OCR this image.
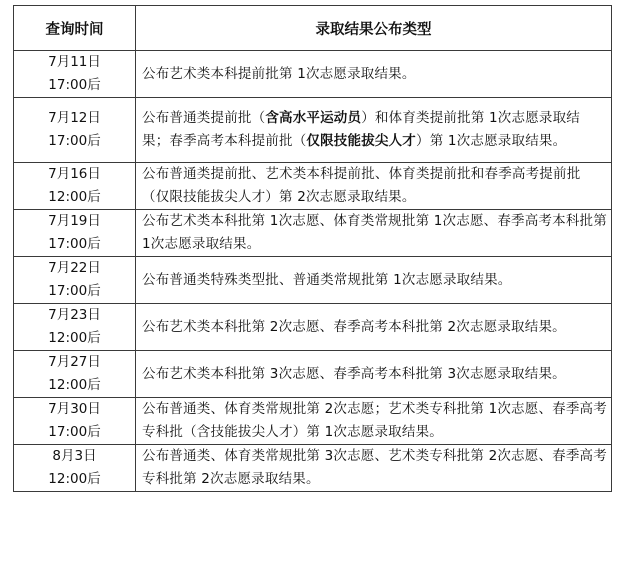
查询时间	录取结果公布类型

7月11日
17:00后	公布艺术类本科提前批第 1次志愿录取结果。

7月12日
17:00后	公布普通类提前批（含高水平运动员）和体育类提前批第 1次志愿录取结果；春季高考本科提前批（仅限技能拔尖人才）第 1次志愿录取结果。

7月16日
12:00后	公布普通类提前批、艺术类本科提前批、体育类提前批和春季高考提前批（仅限技能拔尖人才）第 2次志愿录取结果。

7月19日
17:00后	公布艺术类本科批第 1次志愿、体育类常规批第 1次志愿、春季高考本科批第 1次志愿录取结果。

7月22日
17:00后	公布普通类特殊类型批、普通类常规批第 1次志愿录取结果。

7月23日
12:00后	公布艺术类本科批第 2次志愿、春季高考本科批第 2次志愿录取结果。

7月27日
12:00后	公布艺术类本科批第 3次志愿、春季高考本科批第 3次志愿录取结果。

7月30日
17:00后	公布普通类、体育类常规批第 2次志愿；艺术类专科批第 1次志愿、春季高考专科批（含技能拔尖人才）第 1次志愿录取结果。

8月3日
12:00后	公布普通类、体育类常规批第 3次志愿、艺术类专科批第 2次志愿、春季高考专科批第 2次志愿录取结果。
